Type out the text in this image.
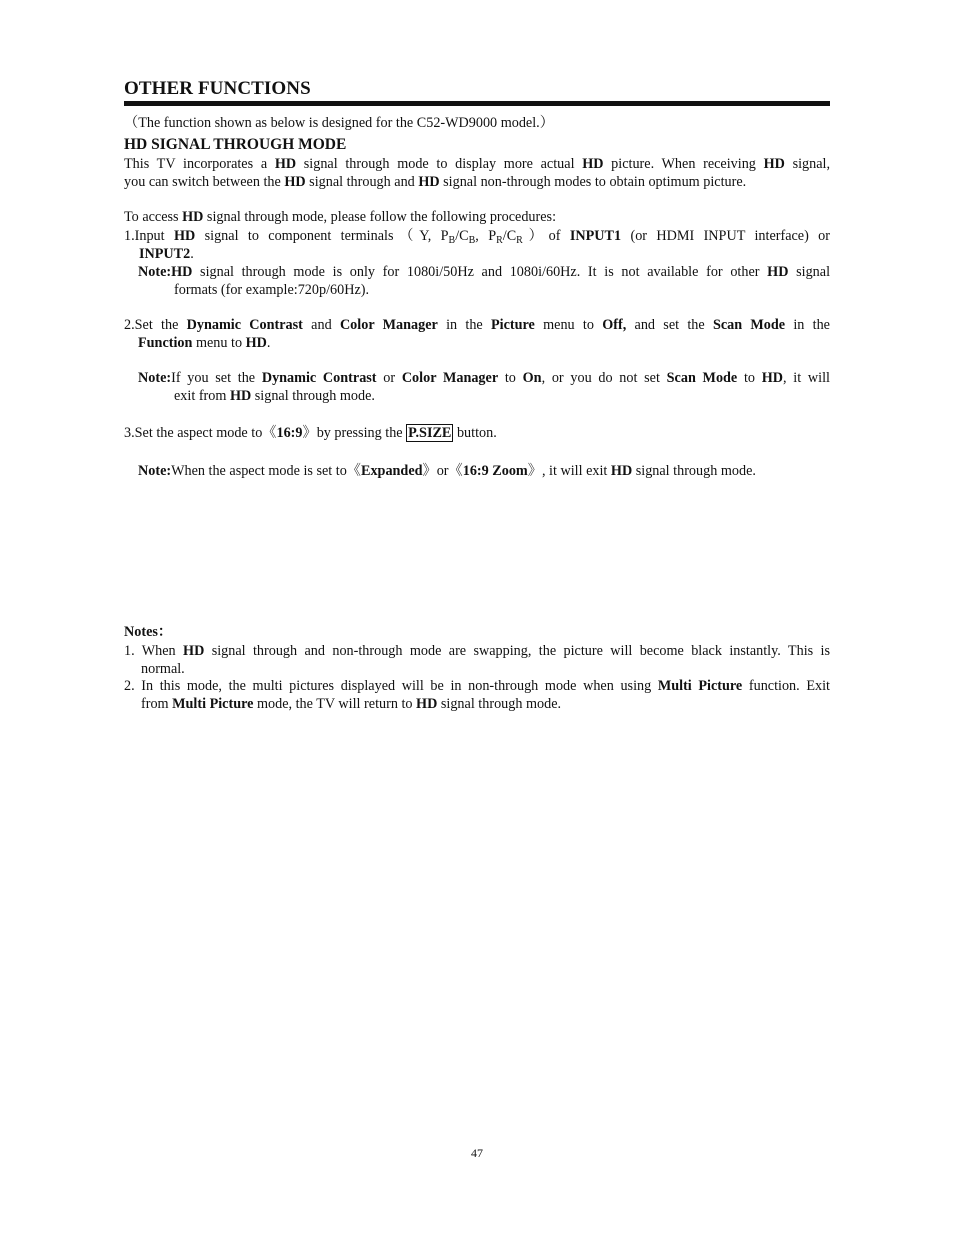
OTHER FUNCTIONS
（The function shown as below is designed for the C52-WD9000 model.）
HD SIGNAL THROUGH MODE
This TV incorporates a HD signal through mode to display more actual HD picture. When receiving HD signal,
you can switch between the HD signal through and HD signal non-through modes to obtain optimum picture.
To access HD signal through mode, please follow the following procedures:
1.Input HD signal to component terminals（Y, $P_B/C_B$, $P_R/C_R)of$ INPUT1 (or HDMI INPUT interface) or
INPUT2.
Note:HD signal through mode is only for 1080i/50Hz and 1080i/60Hz. It is not available for other HD signal
formats (for example:720p/60Hz).
2.Set the Dynamic Contrast and Color Manager in the Picture menu to Off, and set the Scan Mode in the
Function menu to HD.
Note:If you set the Dynamic Contrast or Color Manager to On, or you do not set Scan Mode to HD, it will
exit from HD signal through mode.
3.Set the aspect mode to《16:9》by pressing the P.SIZE button.
Note:When the aspect mode is set to《Expanded》or《16:9 Zoom》, it will exit HD signal through mode.
Notes：
1. When HD signal through and non-through mode are swapping, the picture will become black instantly. This is
normal.
2. In this mode, the multi pictures displayed will be in non-through mode when using Multi Picture function. Exit
from Multi Picture mode, the TV will return to HD signal through mode.
47
